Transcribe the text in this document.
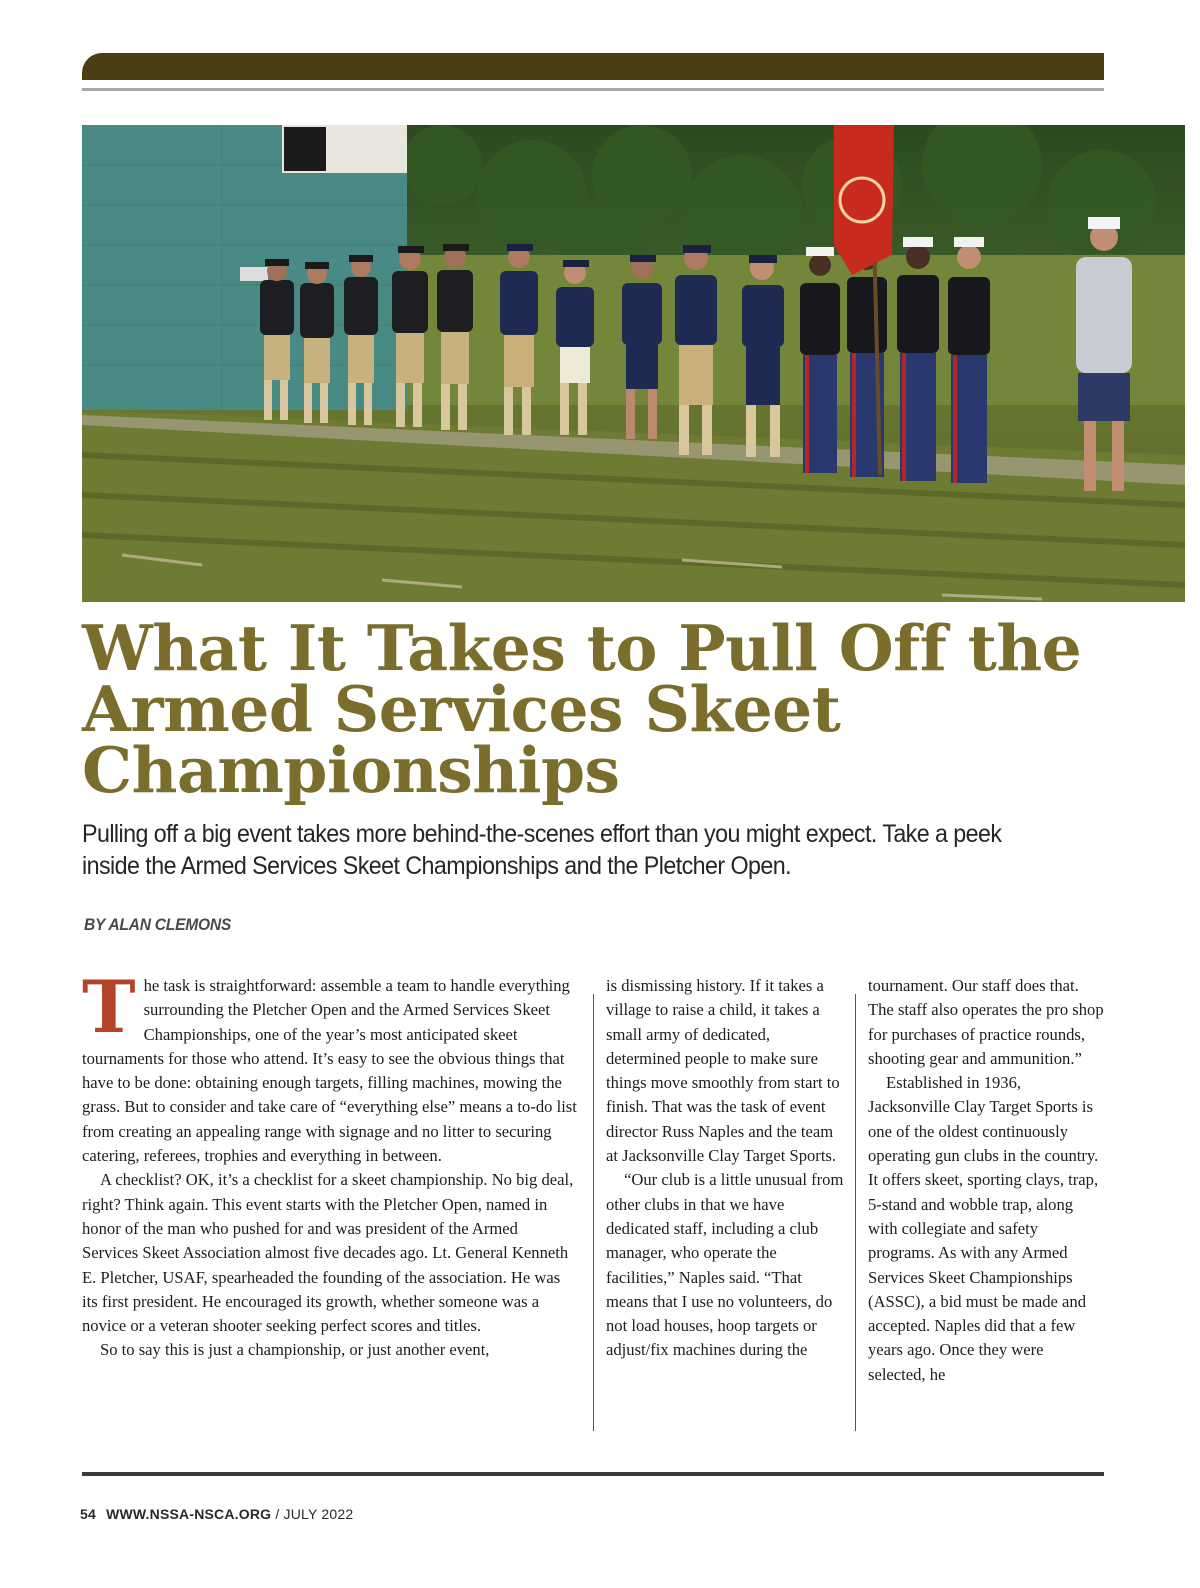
What It Takes to Pull Off the Armed Services Skeet Championships

Pulling off a big event takes more behind-the-scenes effort than you might expect. Take a peek inside the Armed Services Skeet Championships and the Pletcher Open.

BY ALAN CLEMONS

T he task is straightforward: assemble a team to handle everything surrounding the Pletcher Open and the Armed Services Skeet Championships, one of the year’s most anticipated skeet tournaments for those who attend. It’s easy to see the obvious things that have to be done: obtaining enough targets, filling machines, mowing the grass. But to consider and take care of “everything else” means a to-do list from creating an appealing range with signage and no litter to securing catering, referees, trophies and everything in between.

A checklist? OK, it’s a checklist for a skeet championship. No big deal, right? Think again. This event starts with the Pletcher Open, named in honor of the man who pushed for and was president of the Armed Services Skeet Association almost five decades ago. Lt. General Kenneth E. Pletcher, USAF, spearheaded the founding of the association. He was its first president. He encouraged its growth, whether someone was a novice or a veteran shooter seeking perfect scores and titles.

So to say this is just a championship, or just another event,

is dismissing history. If it takes a village to raise a child, it takes a small army of dedicated, determined people to make sure things move smoothly from start to finish. That was the task of event director Russ Naples and the team at Jacksonville Clay Target Sports.

“Our club is a little unusual from other clubs in that we have dedicated staff, including a club manager, who operate the facilities,” Naples said. “That means that I use no volunteers, do not load houses, hoop targets or adjust/fix machines during the

tournament. Our staff does that. The staff also operates the pro shop for purchases of practice rounds, shooting gear and ammunition.”

Established in 1936, Jacksonville Clay Target Sports is one of the oldest continuously operating gun clubs in the country. It offers skeet, sporting clays, trap, 5-stand and wobble trap, along with collegiate and safety programs. As with any Armed Services Skeet Championships (ASSC), a bid must be made and accepted. Naples did that a few years ago. Once they were selected, he

54 WWW.NSSA-NSCA.ORG / JULY 2022
